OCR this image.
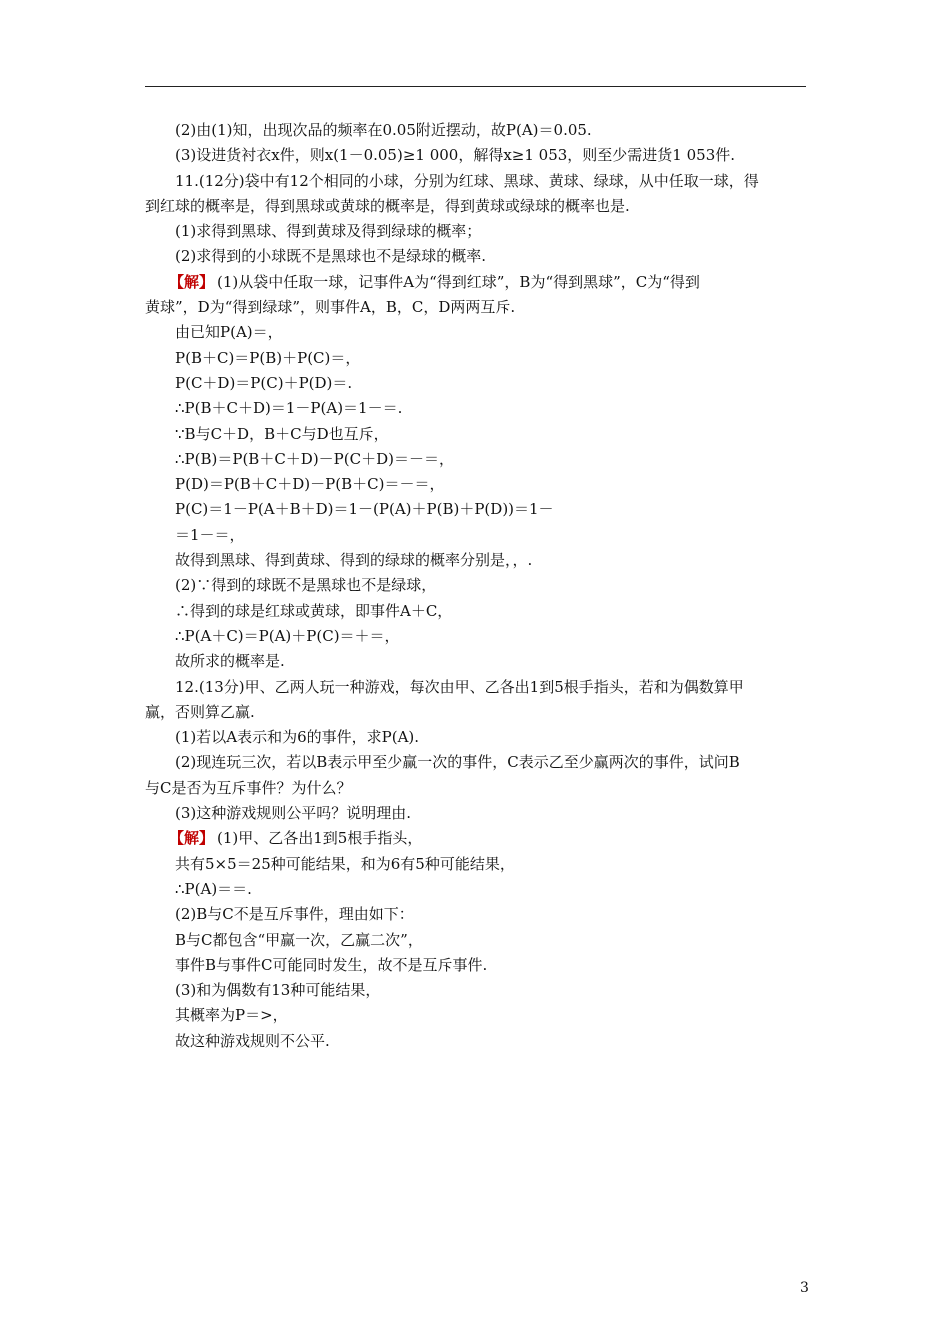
(2)由(1)知，出现次品的频率在0.05附近摆动，故P(A)＝0.05.
(3)设进货衬衣x件，则x(1－0.05)≥1 000，解得x≥1 053，则至少需进货1 053件.
11.(12分)袋中有12个相同的小球，分别为红球、黑球、黄球、绿球，从中任取一球，得
到红球的概率是，得到黑球或黄球的概率是，得到黄球或绿球的概率也是.
(1)求得到黑球、得到黄球及得到绿球的概率；
(2)求得到的小球既不是黑球也不是绿球的概率.
【解】 (1)从袋中任取一球，记事件A为“得到红球”，B为“得到黑球”，C为“得到
黄球”，D为“得到绿球”，则事件A，B，C，D两两互斥.
由已知P(A)＝，
P(B＋C)＝P(B)＋P(C)＝，
P(C＋D)＝P(C)＋P(D)＝.
∴P(B＋C＋D)＝1－P(A)＝1－＝.
∵B与C＋D，B＋C与D也互斥，
∴P(B)＝P(B＋C＋D)－P(C＋D)＝－＝，
P(D)＝P(B＋C＋D)－P(B＋C)＝－＝，
P(C)＝1－P(A＋B＋D)＝1－(P(A)＋P(B)＋P(D))＝1－
＝1－＝，
故得到黑球、得到黄球、得到的绿球的概率分别是，，.
(2)∵得到的球既不是黑球也不是绿球，
∴得到的球是红球或黄球，即事件A＋C，
∴P(A＋C)＝P(A)＋P(C)＝＋＝，
故所求的概率是.
12.(13分)甲、乙两人玩一种游戏，每次由甲、乙各出1到5根手指头，若和为偶数算甲
赢，否则算乙赢.
(1)若以A表示和为6的事件，求P(A).
(2)现连玩三次，若以B表示甲至少赢一次的事件，C表示乙至少赢两次的事件，试问B
与C是否为互斥事件？为什么？
(3)这种游戏规则公平吗？说明理由.
【解】 (1)甲、乙各出1到5根手指头，
共有5×5＝25种可能结果，和为6有5种可能结果，
∴P(A)＝＝.
(2)B与C不是互斥事件，理由如下：
B与C都包含“甲赢一次，乙赢二次”，
事件B与事件C可能同时发生，故不是互斥事件.
(3)和为偶数有13种可能结果，
其概率为P＝>，
故这种游戏规则不公平.
3
